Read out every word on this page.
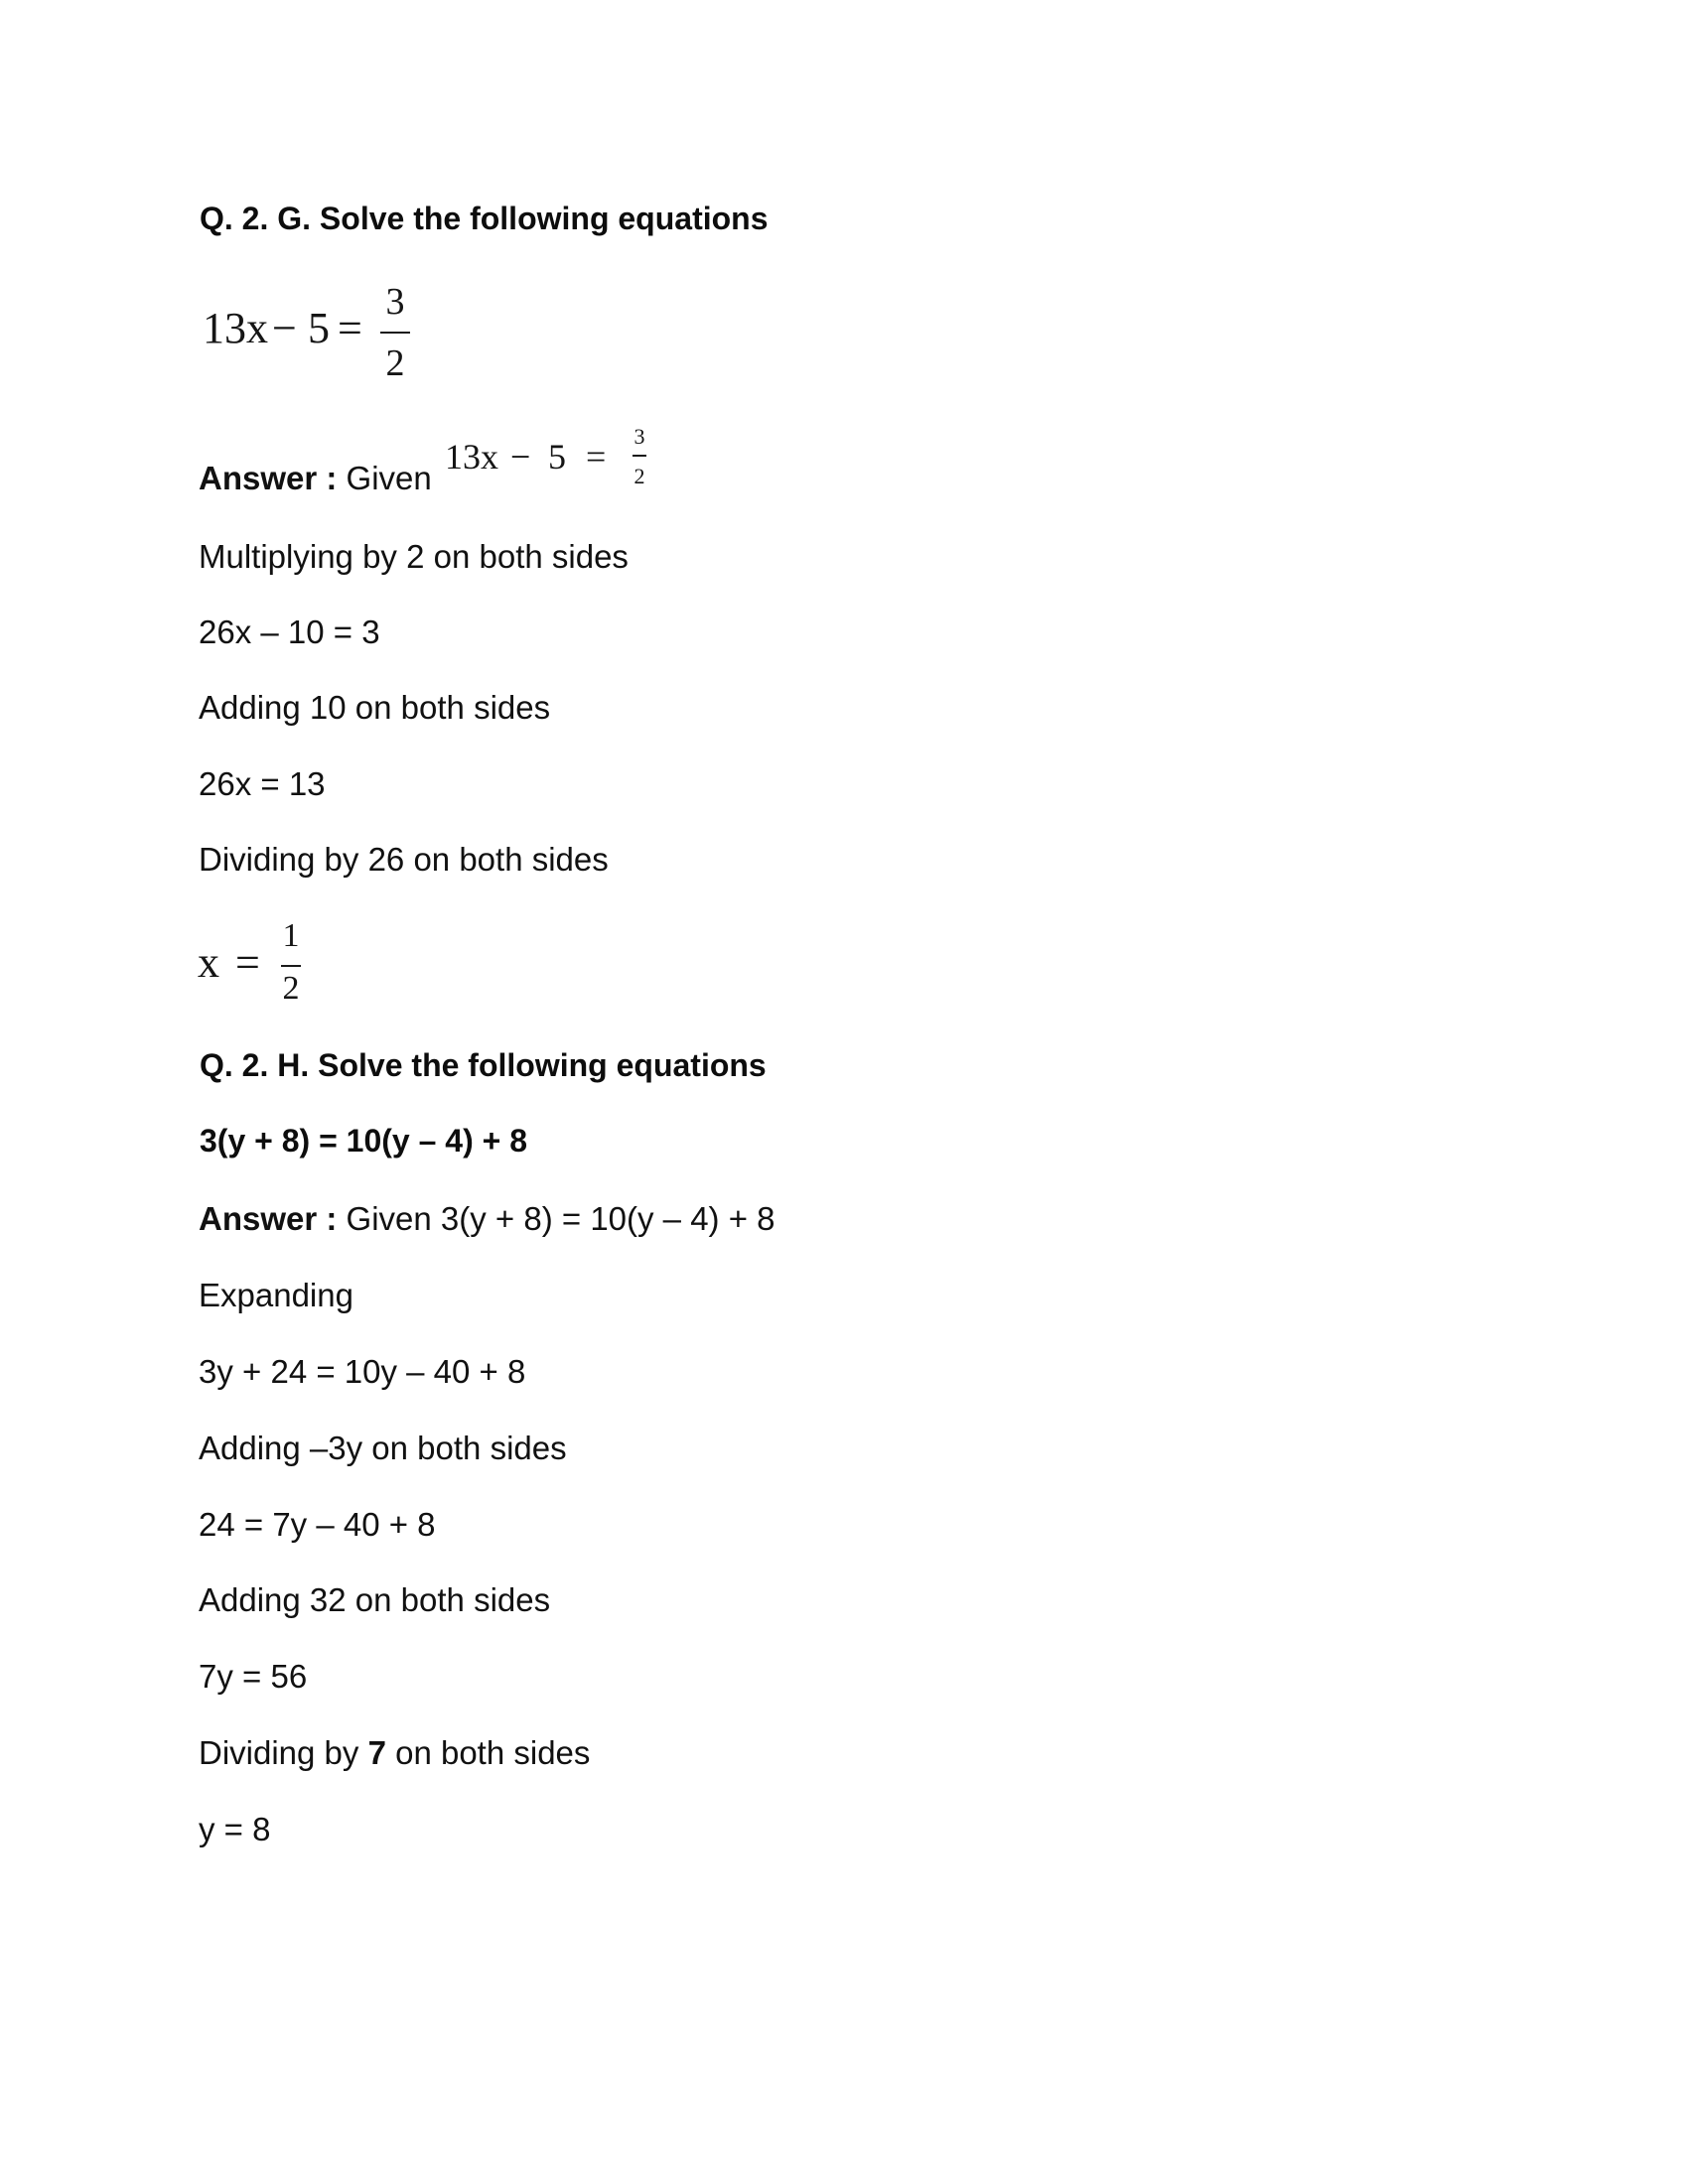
Q. 2. G. Solve the following equations
13x − 5 =
3
2
Answer : Given
13x − 5 =
3
2
Multiplying by 2 on both sides
26x – 10 = 3
Adding 10 on both sides
26x = 13
Dividing by 26 on both sides
x =
1
2
Q. 2. H. Solve the following equations
3(y + 8) = 10(y – 4) + 8
Answer : Given 3(y + 8) = 10(y – 4) + 8
Expanding
3y + 24 = 10y – 40 + 8
Adding –3y on both sides
24 = 7y – 40 + 8
Adding 32 on both sides
7y = 56
Dividing by 7 on both sides
y = 8
